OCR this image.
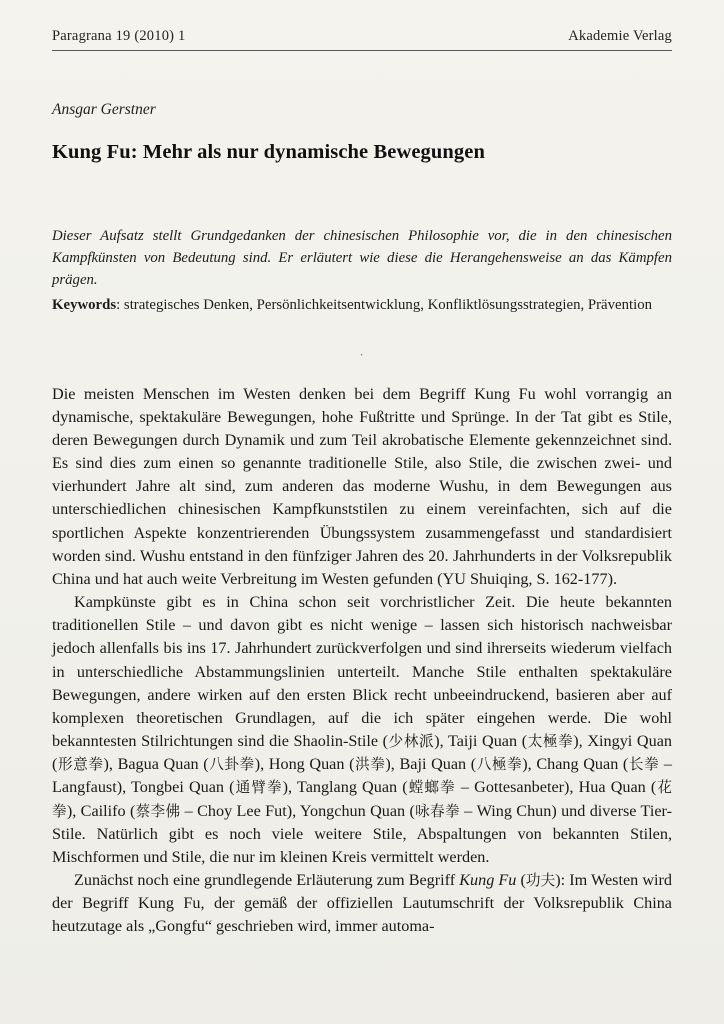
Paragrana 19 (2010) 1	Akademie Verlag
Ansgar Gerstner
Kung Fu: Mehr als nur dynamische Bewegungen
Dieser Aufsatz stellt Grundgedanken der chinesischen Philosophie vor, die in den chinesischen Kampfkünsten von Bedeutung sind. Er erläutert wie diese die Herangehensweise an das Kämpfen prägen.
Keywords: strategisches Denken, Persönlichkeitsentwicklung, Konfliktlösungsstrategien, Prävention
·

Die meisten Menschen im Westen denken bei dem Begriff Kung Fu wohl vorrangig an dynamische, spektakuläre Bewegungen, hohe Fußtritte und Sprünge. In der Tat gibt es Stile, deren Bewegungen durch Dynamik und zum Teil akrobatische Elemente gekennzeichnet sind. Es sind dies zum einen so genannte traditionelle Stile, also Stile, die zwischen zwei- und vierhundert Jahre alt sind, zum anderen das moderne Wushu, in dem Bewegungen aus unterschiedlichen chinesischen Kampfkunststilen zu einem vereinfachten, sich auf die sportlichen Aspekte konzentrierenden Übungssystem zusammengefasst und standardisiert worden sind. Wushu entstand in den fünfziger Jahren des 20. Jahrhunderts in der Volksrepublik China und hat auch weite Verbreitung im Westen gefunden (YU Shuiqing, S. 162-177).

Kampkünste gibt es in China schon seit vorchristlicher Zeit. Die heute bekannten traditionellen Stile – und davon gibt es nicht wenige – lassen sich historisch nachweisbar jedoch allenfalls bis ins 17. Jahrhundert zurückverfolgen und sind ihrerseits wiederum vielfach in unterschiedliche Abstammungslinien unterteilt. Manche Stile enthalten spektakuläre Bewegungen, andere wirken auf den ersten Blick recht unbeeindruckend, basieren aber auf komplexen theoretischen Grundlagen, auf die ich später eingehen werde. Die wohl bekanntesten Stilrichtungen sind die Shaolin-Stile (少林派), Taiji Quan (太極拳), Xingyi Quan (形意拳), Bagua Quan (八卦拳), Hong Quan (洪拳), Baji Quan (八極拳), Chang Quan (长拳 – Langfaust), Tongbei Quan (通臂拳), Tanglang Quan (螳螂拳 – Gottesanbeter), Hua Quan (花拳), Cailifo (蔡李佛 – Choy Lee Fut), Yongchun Quan (咏春拳 – Wing Chun) und diverse Tier-Stile. Natürlich gibt es noch viele weitere Stile, Abspaltungen von bekannten Stilen, Mischformen und Stile, die nur im kleinen Kreis vermittelt werden.

Zunächst noch eine grundlegende Erläuterung zum Begriff Kung Fu (功夫): Im Westen wird der Begriff Kung Fu, der gemäß der offiziellen Lautumschrift der Volksrepublik China heutzutage als „Gongfu“ geschrieben wird, immer automa-
